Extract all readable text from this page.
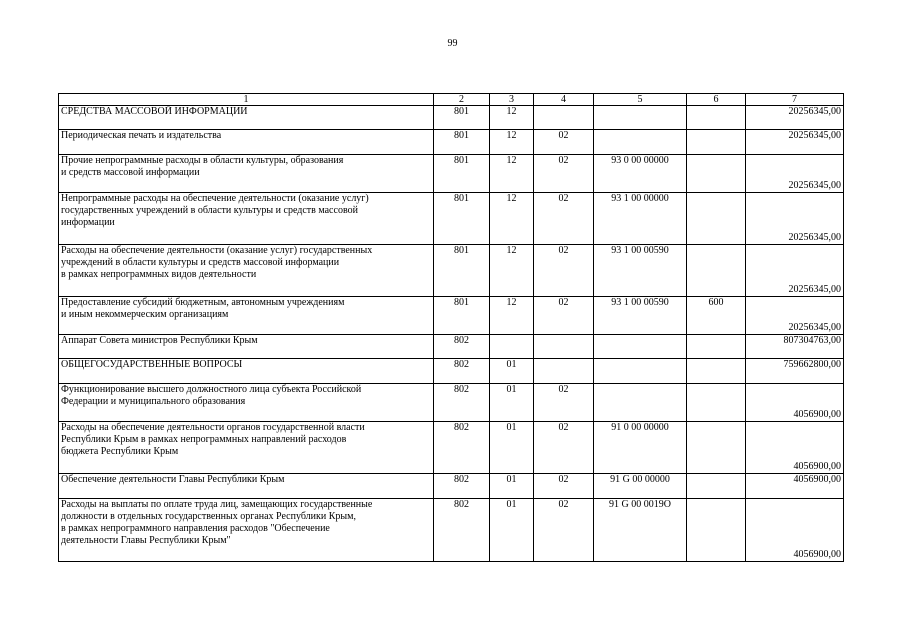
99
1	2	3	4	5	6	7

СРЕДСТВА МАССОВОЙ ИНФОРМАЦИИ	801	12				20256345,00

Периодическая печать и издательства	801	12	02			20256345,00

Прочие непрограммные расходы в области культуры, образования
и средств массовой информации	801	12	02	93 0 00 00000		20256345,00

Непрограммные расходы на обеспечение деятельности (оказание услуг)
государственных учреждений в области культуры и средств массовой
информации	801	12	02	93 1 00 00000		20256345,00

Расходы на обеспечение деятельности (оказание услуг) государственных
учреждений в области культуры и средств массовой информации
в рамках непрограммных видов деятельности	801	12	02	93 1 00 00590		20256345,00

Предоставление субсидий бюджетным, автономным учреждениям
и иным некоммерческим организациям	801	12	02	93 1 00 00590	600	20256345,00

Аппарат Совета министров Республики Крым	802					807304763,00

ОБЩЕГОСУДАРСТВЕННЫЕ ВОПРОСЫ	802	01				759662800,00

Функционирование высшего должностного лица субъекта Российской
Федерации и муниципального образования	802	01	02			4056900,00

Расходы на обеспечение деятельности органов государственной власти
Республики Крым в рамках непрограммных направлений расходов
бюджета Республики Крым	802	01	02	91 0 00 00000		4056900,00

Обеспечение деятельности Главы Республики Крым	802	01	02	91 G 00 00000		4056900,00

Расходы на выплаты по оплате труда лиц, замещающих государственные
должности в отдельных государственных органах Республики Крым,
в рамках непрограммного направления расходов "Обеспечение
деятельности Главы Республики Крым"	802	01	02	91 G 00 0019O		4056900,00
